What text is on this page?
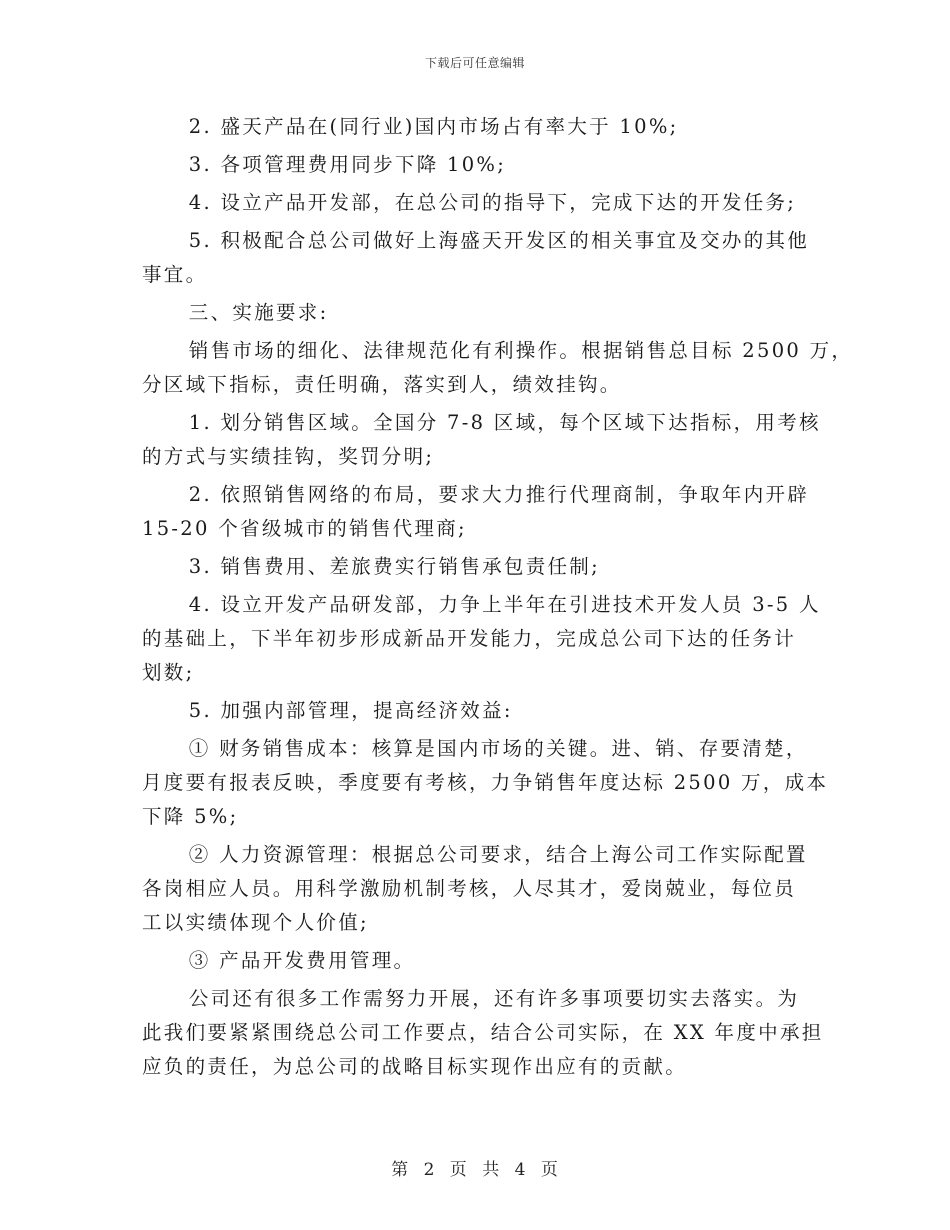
下载后可任意编辑
2. 盛天产品在(同行业)国内市场占有率大于 10%;
3. 各项管理费用同步下降 10%;
4. 设立产品开发部，在总公司的指导下，完成下达的开发任务;
5. 积极配合总公司做好上海盛天开发区的相关事宜及交办的其他
事宜。
三、实施要求:
销售市场的细化、法律规范化有利操作。根据销售总目标 2500 万，
分区域下指标，责任明确，落实到人，绩效挂钩。
1. 划分销售区域。全国分 7-8 区域，每个区域下达指标，用考核
的方式与实绩挂钩，奖罚分明;
2. 依照销售网络的布局，要求大力推行代理商制，争取年内开辟
15-20 个省级城市的销售代理商;
3. 销售费用、差旅费实行销售承包责任制;
4. 设立开发产品研发部，力争上半年在引进技术开发人员 3-5 人
的基础上，下半年初步形成新品开发能力，完成总公司下达的任务计
划数;
5. 加强内部管理，提高经济效益:
① 财务销售成本：核算是国内市场的关键。进、销、存要清楚，
月度要有报表反映，季度要有考核，力争销售年度达标 2500 万，成本
下降 5%;
② 人力资源管理：根据总公司要求，结合上海公司工作实际配置
各岗相应人员。用科学激励机制考核，人尽其才，爱岗兢业，每位员
工以实绩体现个人价值;
③ 产品开发费用管理。
公司还有很多工作需努力开展，还有许多事项要切实去落实。为
此我们要紧紧围绕总公司工作要点，结合公司实际，在 XX 年度中承担
应负的责任，为总公司的战略目标实现作出应有的贡献。
第 2 页 共 4 页
